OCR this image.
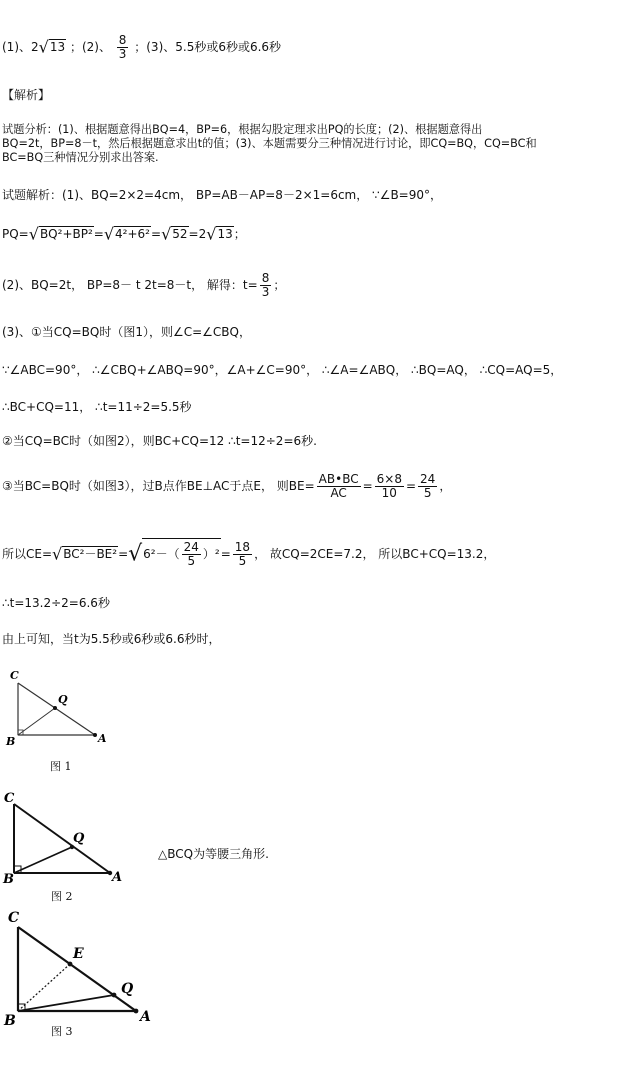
(1)、2√13 ；(2)、 $\frac{8}{3}$ ；(3)、5.5秒或6秒或6.6秒
【解析】
试题分析：(1)、根据题意得出BQ=4，BP=6，根据勾股定理求出PQ的长度；(2)、根据题意得出
BQ=2t，BP=8－t，然后根据题意求出t的值；(3)、本题需要分三种情况进行讨论，即CQ=BQ，CQ=BC和
BC=BQ三种情况分别求出答案.
试题解析：(1)、BQ=2×2=4cm， BP=AB－AP=8－2×1=6cm， ∵∠B=90°，
PQ=√BQ²+BP²=√4²+6²=√52=2√13；
(2)、BQ=2t， BP=8－ t 2t=8－t， 解得：$t= \frac{8}{3}$ ；
(3)、①当CQ=BQ时（图1），则∠C=∠CBQ，
∵∠ABC=90°， ∴∠CBQ+∠ABQ=90°，∠A+∠C=90°， ∴∠A=∠ABQ， ∴BQ=AQ， ∴CQ=AQ=5，
∴BC+CQ=11， ∴t=11÷2=5.5秒
②当CQ=BC时（如图2），则BC+CQ=12 ∴t=12÷2=6秒.
③当BC=BQ时（如图3），过B点作BE⊥AC于点E， 则$BE= \frac{AB•BC}{AC} = \frac{6\times 8}{10} = \frac{24}{5}$ ，
所以$CE=√BC^2-BE^2=√6^2-( \frac{24}{5} )^2= \frac{18}{5}$ ， 故CQ=2CE=7.2， 所以BC+CQ=13.2，
∴t=13.2÷2=6.6秒
由上可知，当t为5.5秒或6秒或6.6秒时，
C
Q
B	A
图 1
C
Q
B	A
图 2
△BCQ为等腰三角形.
C
E
Q
B	A
图 3
